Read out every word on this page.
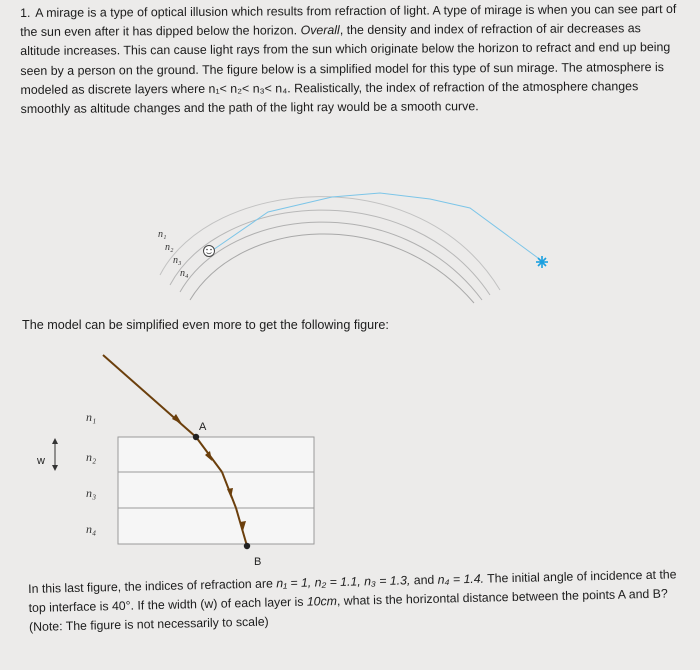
1. A mirage is a type of optical illusion which results from refraction of light. A type of mirage is when you can see part of the sun even after it has dipped below the horizon. Overall, the density and index of refraction of air decreases as altitude increases. This can cause light rays from the sun which originate below the horizon to refract and end up being seen by a person on the ground. The figure below is a simplified model for this type of sun mirage. The atmosphere is modeled as discrete layers where n₁< n₂< n₃< n₄. Realistically, the index of refraction of the atmosphere changes smoothly as altitude changes and the path of the light ray would be a smooth curve.
n₁
n₂
n₃
n₄
A
B
n₁
n₂
n₃
n₄
w
The model can be simplified even more to get the following figure:
In this last figure, the indices of refraction are n₁ = 1, n₂ = 1.1, n₃ = 1.3, and n₄ = 1.4. The initial angle of incidence at the top interface is 40°. If the width (w) of each layer is 10cm, what is the horizontal distance between the points A and B? (Note: The figure is not necessarily to scale)
